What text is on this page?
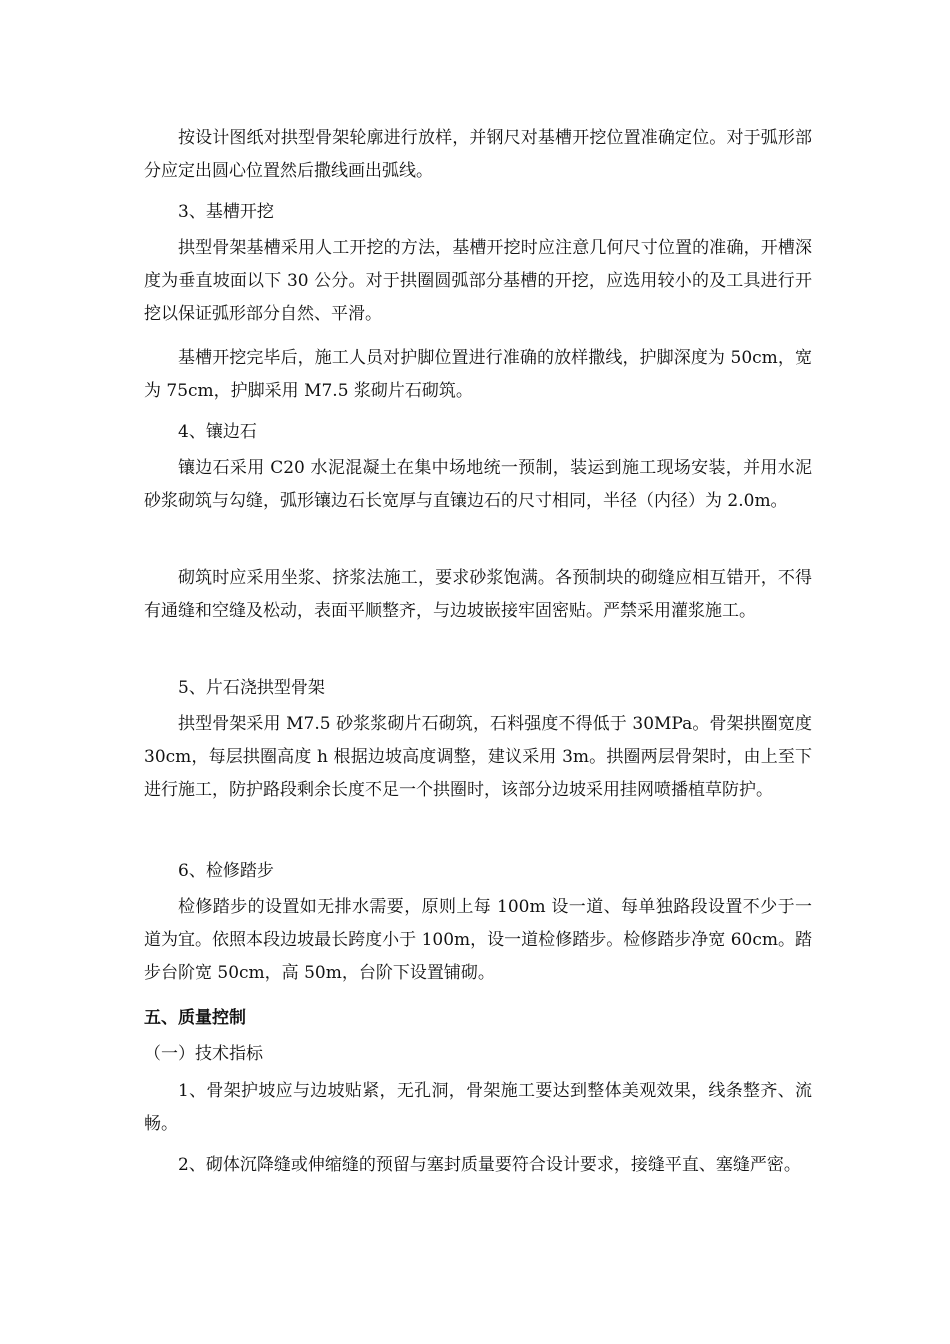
按设计图纸对拱型骨架轮廓进行放样，并钢尺对基槽开挖位置准确定位。对于弧形部分应定出圆心位置然后撒线画出弧线。

3、基槽开挖

拱型骨架基槽采用人工开挖的方法，基槽开挖时应注意几何尺寸位置的准确，开槽深度为垂直坡面以下 30 公分。对于拱圈圆弧部分基槽的开挖，应选用较小的及工具进行开挖以保证弧形部分自然、平滑。

基槽开挖完毕后，施工人员对护脚位置进行准确的放样撒线，护脚深度为 50cm，宽为 75cm，护脚采用 M7.5 浆砌片石砌筑。

4、镶边石

镶边石采用 C20 水泥混凝土在集中场地统一预制，装运到施工现场安装，并用水泥砂浆砌筑与勾缝，弧形镶边石长宽厚与直镶边石的尺寸相同，半径（内径）为 2.0m。

砌筑时应采用坐浆、挤浆法施工，要求砂浆饱满。各预制块的砌缝应相互错开，不得有通缝和空缝及松动，表面平顺整齐，与边坡嵌接牢固密贴。严禁采用灌浆施工。

5、片石浇拱型骨架

拱型骨架采用 M7.5 砂浆浆砌片石砌筑，石料强度不得低于 30MPa。骨架拱圈宽度 30cm，每层拱圈高度 h 根据边坡高度调整，建议采用 3m。拱圈两层骨架时，由上至下进行施工，防护路段剩余长度不足一个拱圈时，该部分边坡采用挂网喷播植草防护。

6、检修踏步

检修踏步的设置如无排水需要，原则上每 100m 设一道、每单独路段设置不少于一道为宜。依照本段边坡最长跨度小于 100m，设一道检修踏步。检修踏步净宽 60cm。踏步台阶宽 50cm，高 50m，台阶下设置铺砌。

五、质量控制

（一）技术指标

1、骨架护坡应与边坡贴紧，无孔洞，骨架施工要达到整体美观效果，线条整齐、流畅。

2、砌体沉降缝或伸缩缝的预留与塞封质量要符合设计要求，接缝平直、塞缝严密。
